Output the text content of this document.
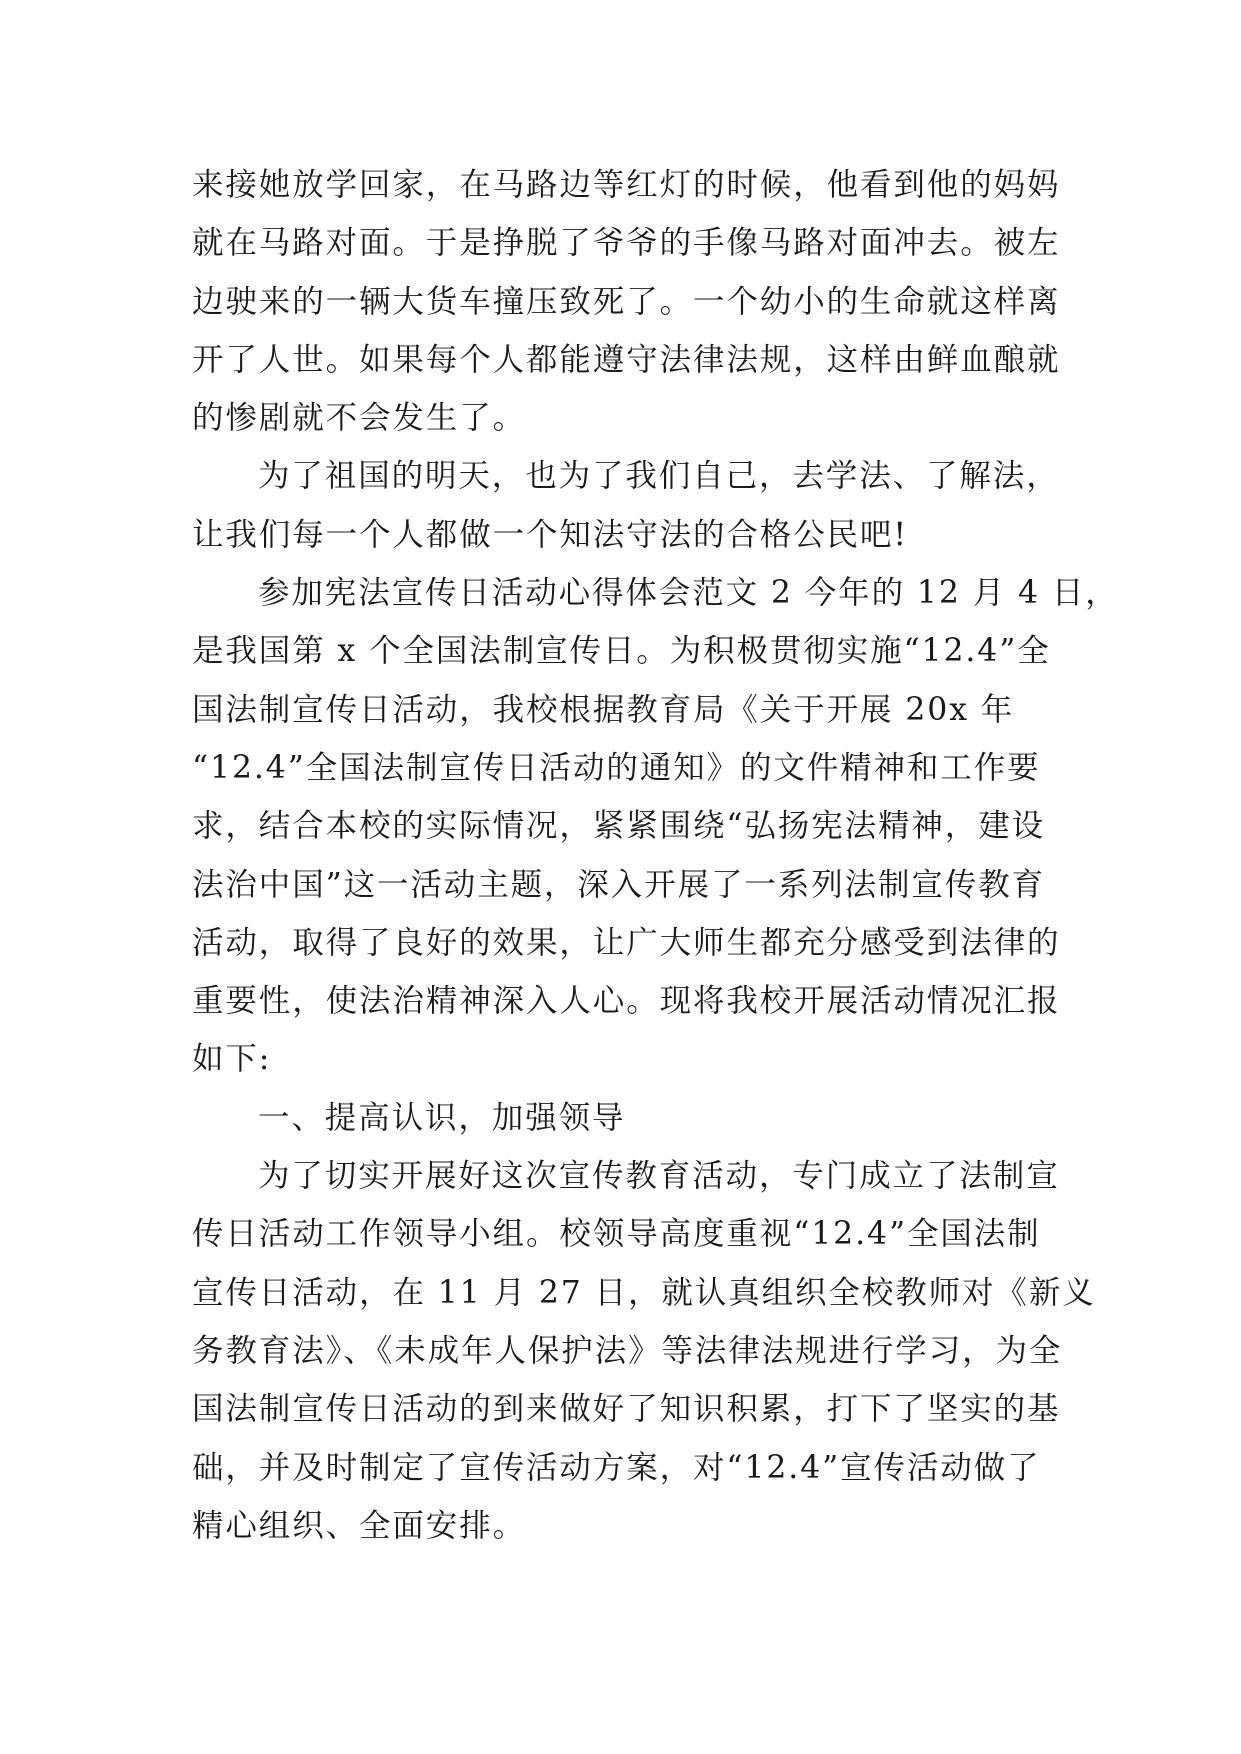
来接她放学回家，在马路边等红灯的时候，他看到他的妈妈
就在马路对面。于是挣脱了爷爷的手像马路对面冲去。被左
边驶来的一辆大货车撞压致死了。一个幼小的生命就这样离
开了人世。如果每个人都能遵守法律法规，这样由鲜血酿就
的惨剧就不会发生了。
为了祖国的明天，也为了我们自己，去学法、了解法，
让我们每一个人都做一个知法守法的合格公民吧!
参加宪法宣传日活动心得体会范文 2 今年的 12 月 4 日，
是我国第 x 个全国法制宣传日。为积极贯彻实施“12.4”全
国法制宣传日活动，我校根据教育局《关于开展 20x 年
“12.4”全国法制宣传日活动的通知》的文件精神和工作要
求，结合本校的实际情况，紧紧围绕“弘扬宪法精神，建设
法治中国”这一活动主题，深入开展了一系列法制宣传教育
活动，取得了良好的效果，让广大师生都充分感受到法律的
重要性，使法治精神深入人心。现将我校开展活动情况汇报
如下:
一、提高认识，加强领导
为了切实开展好这次宣传教育活动，专门成立了法制宣
传日活动工作领导小组。校领导高度重视“12.4”全国法制
宣传日活动，在 11 月 27 日，就认真组织全校教师对《新义
务教育法》、《未成年人保护法》等法律法规进行学习，为全
国法制宣传日活动的到来做好了知识积累，打下了坚实的基
础，并及时制定了宣传活动方案，对“12.4”宣传活动做了
精心组织、全面安排。
